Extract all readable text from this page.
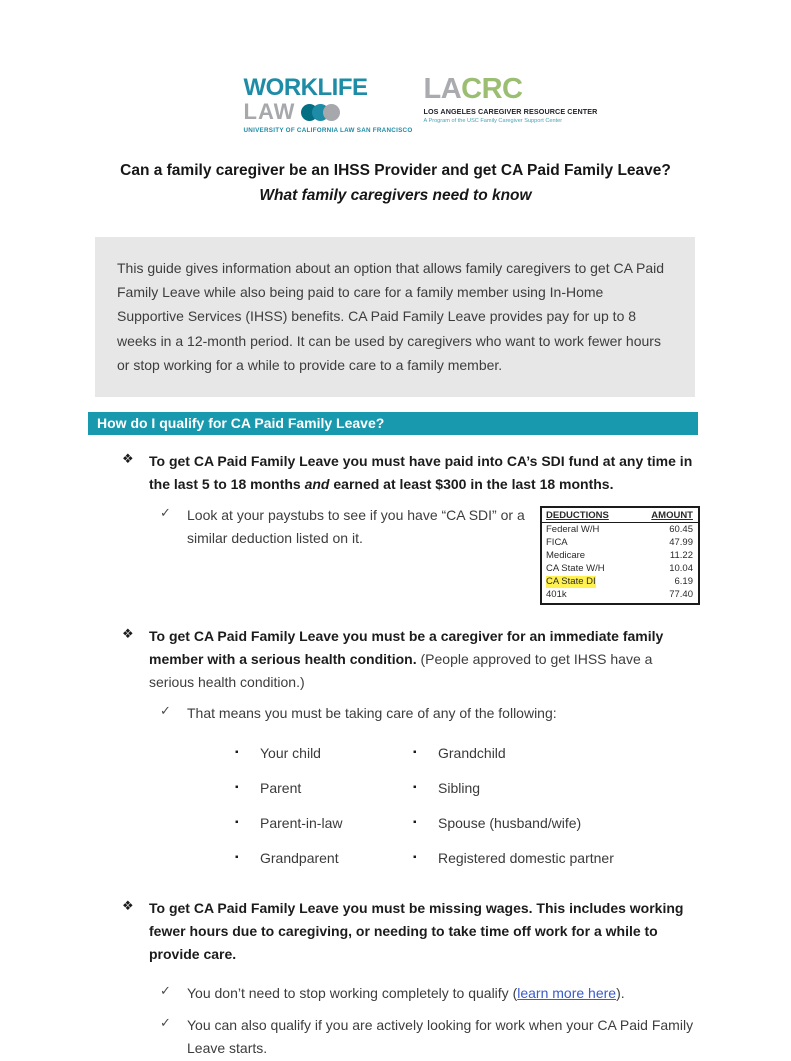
WORKLIFE
LAW
UNIVERSITY OF CALIFORNIA LAW SAN FRANCISCO
LACRC
LOS ANGELES CAREGIVER RESOURCE CENTER
A Program of the USC Family Caregiver Support Center
Can a family caregiver be an IHSS Provider and get CA Paid Family Leave?
What family caregivers need to know
This guide gives information about an option that allows family caregivers to get CA Paid Family Leave while also being paid to care for a family member using In-Home Supportive Services (IHSS) benefits. CA Paid Family Leave provides pay for up to 8 weeks in a 12-month period. It can be used by caregivers who want to work fewer hours or stop working for a while to provide care to a family member.
How do I qualify for CA Paid Family Leave?
❖	To get CA Paid Family Leave you must have paid into CA’s SDI fund at any time in the last 5 to 18 months and earned at least $300 in the last 18 months.
✓	Look at your paystubs to see if you have “CA SDI” or a similar deduction listed on it.
DEDUCTIONS	AMOUNT
Federal W/H	60.45
FICA	47.99
Medicare	11.22
CA State W/H	10.04
CA State DI	6.19
401k	77.40
❖	To get CA Paid Family Leave you must be a caregiver for an immediate family member with a serious health condition. (People approved to get IHSS have a serious health condition.)
✓	That means you must be taking care of any of the following:
▪	Your child
▪	Parent
▪	Parent-in-law
▪	Grandparent
▪	Grandchild
▪	Sibling
▪	Spouse (husband/wife)
▪	Registered domestic partner
❖	To get CA Paid Family Leave you must be missing wages. This includes working fewer hours due to caregiving, or needing to take time off work for a while to provide care.
✓	You don’t need to stop working completely to qualify (learn more here).
✓	You can also qualify if you are actively looking for work when your CA Paid Family Leave starts.
